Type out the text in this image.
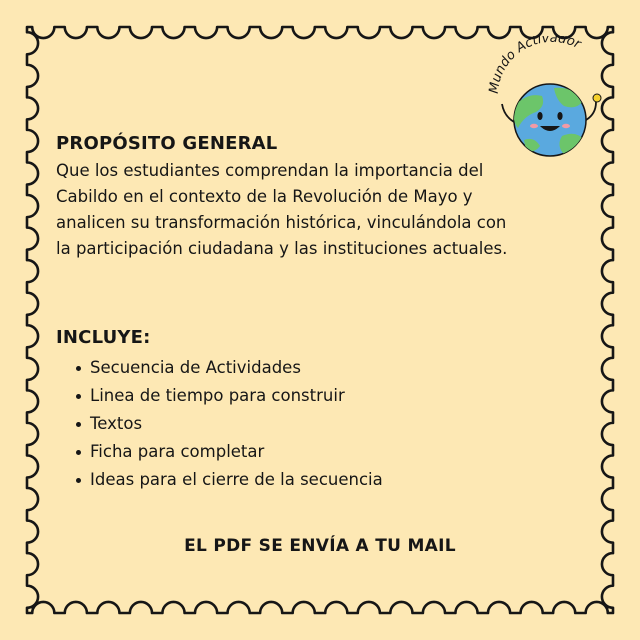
Mundo Activador

PROPÓSITO GENERAL

Que los estudiantes comprendan la importancia del
Cabildo en el contexto de la Revolución de Mayo y
analicen su transformación histórica, vinculándola con
la participación ciudadana y las instituciones actuales.

INCLUYE:

Secuencia de Actividades
Linea de tiempo para construir
Textos
Ficha para completar
Ideas para el cierre de la secuencia
EL PDF SE ENVÍA A TU MAIL
